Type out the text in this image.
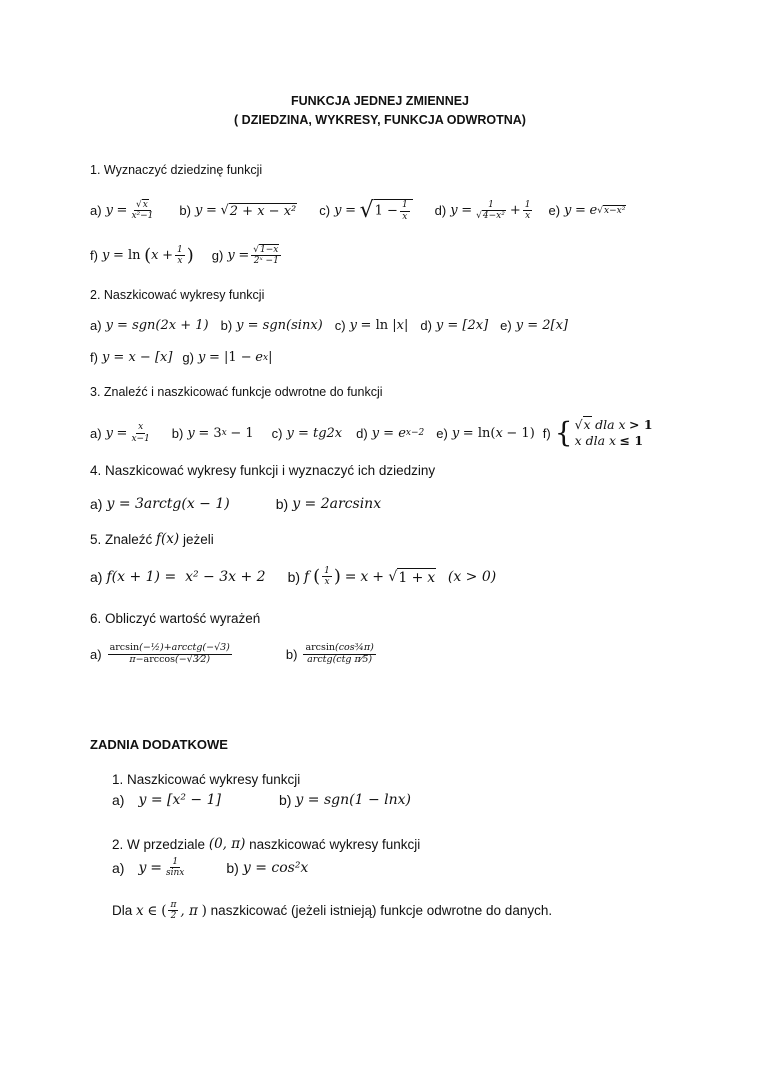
FUNKCJA JEDNEJ ZMIENNEJ
( DZIEDZINA, WYKRESY, FUNKCJA ODWROTNA)
1. Wyznaczyć dziedzinę funkcji
a) y
= $\frac{√x}{\text{x²−1}} b$) y
=
√ 2 + x − x² c) y
=
√ $1 - \frac{1}{x} d$) y
= $\frac{1}{\text{√4−x²}} + \frac{1}{x} e$) y
=
e √x−x²
f) y
= ln
( x
+ $\frac{1}{x}$ ) g) y
= $\frac{√1-x}{\text{2ˣ −1}}$
2. Naszkicować wykresy funkcji
a) y = sgn(2x + 1) b) y = sgn(sinx) c) y
= ln | x | d) y = [2x] e) y = 2[x]
f) y = x − [x] g) y
= |1 −
e x |
3. Znaleźć i naszkicować funkcje odwrotne do funkcji
a) y
= $\frac{x}{x-1} b$) y
= 3 x
− 1 c) y = tg2x d) y = e x−2 e) y
= ln( x
− 1) f) { √x dla x > 1
x dla x ≤ 1
4. Naszkicować wykresy funkcji i wyznaczyć ich dziedziny
a) y = 3arctg(x − 1)	b) y = 2arcsinx
5. Znaleźć
f(x)
jeżeli
a) f(x + 1) =  x² − 3x + 2 b) f
( $\frac{1}{x}$ )
=
x
+ √ 1 + x
(x > 0)
6. Obliczyć wartość wyrażeń
$a) \frac{\text{arcsin(−½)+arcctg(−√3)}}{\pi-\arccos(-√3⁄2)}$	$b) \frac{\text{arcsin(cos¾π)}}{\text{arctg(ctg π⁄5)}}$
ZADNIA DODATKOWE
1. Naszkicować wykresy funkcji
a) y = [x² − 1]	b) y = sgn(1 − lnx)
2. W przedziale
(0, π)
naszkicować wykresy funkcji
a) y
= $\frac{1}{\sin x}$	b) y = cos²x
Dla
x
∈
( $\frac{\pi}{2}$ , π
)
naszkicować (jeżeli istnieją) funkcje odwrotne do danych.
